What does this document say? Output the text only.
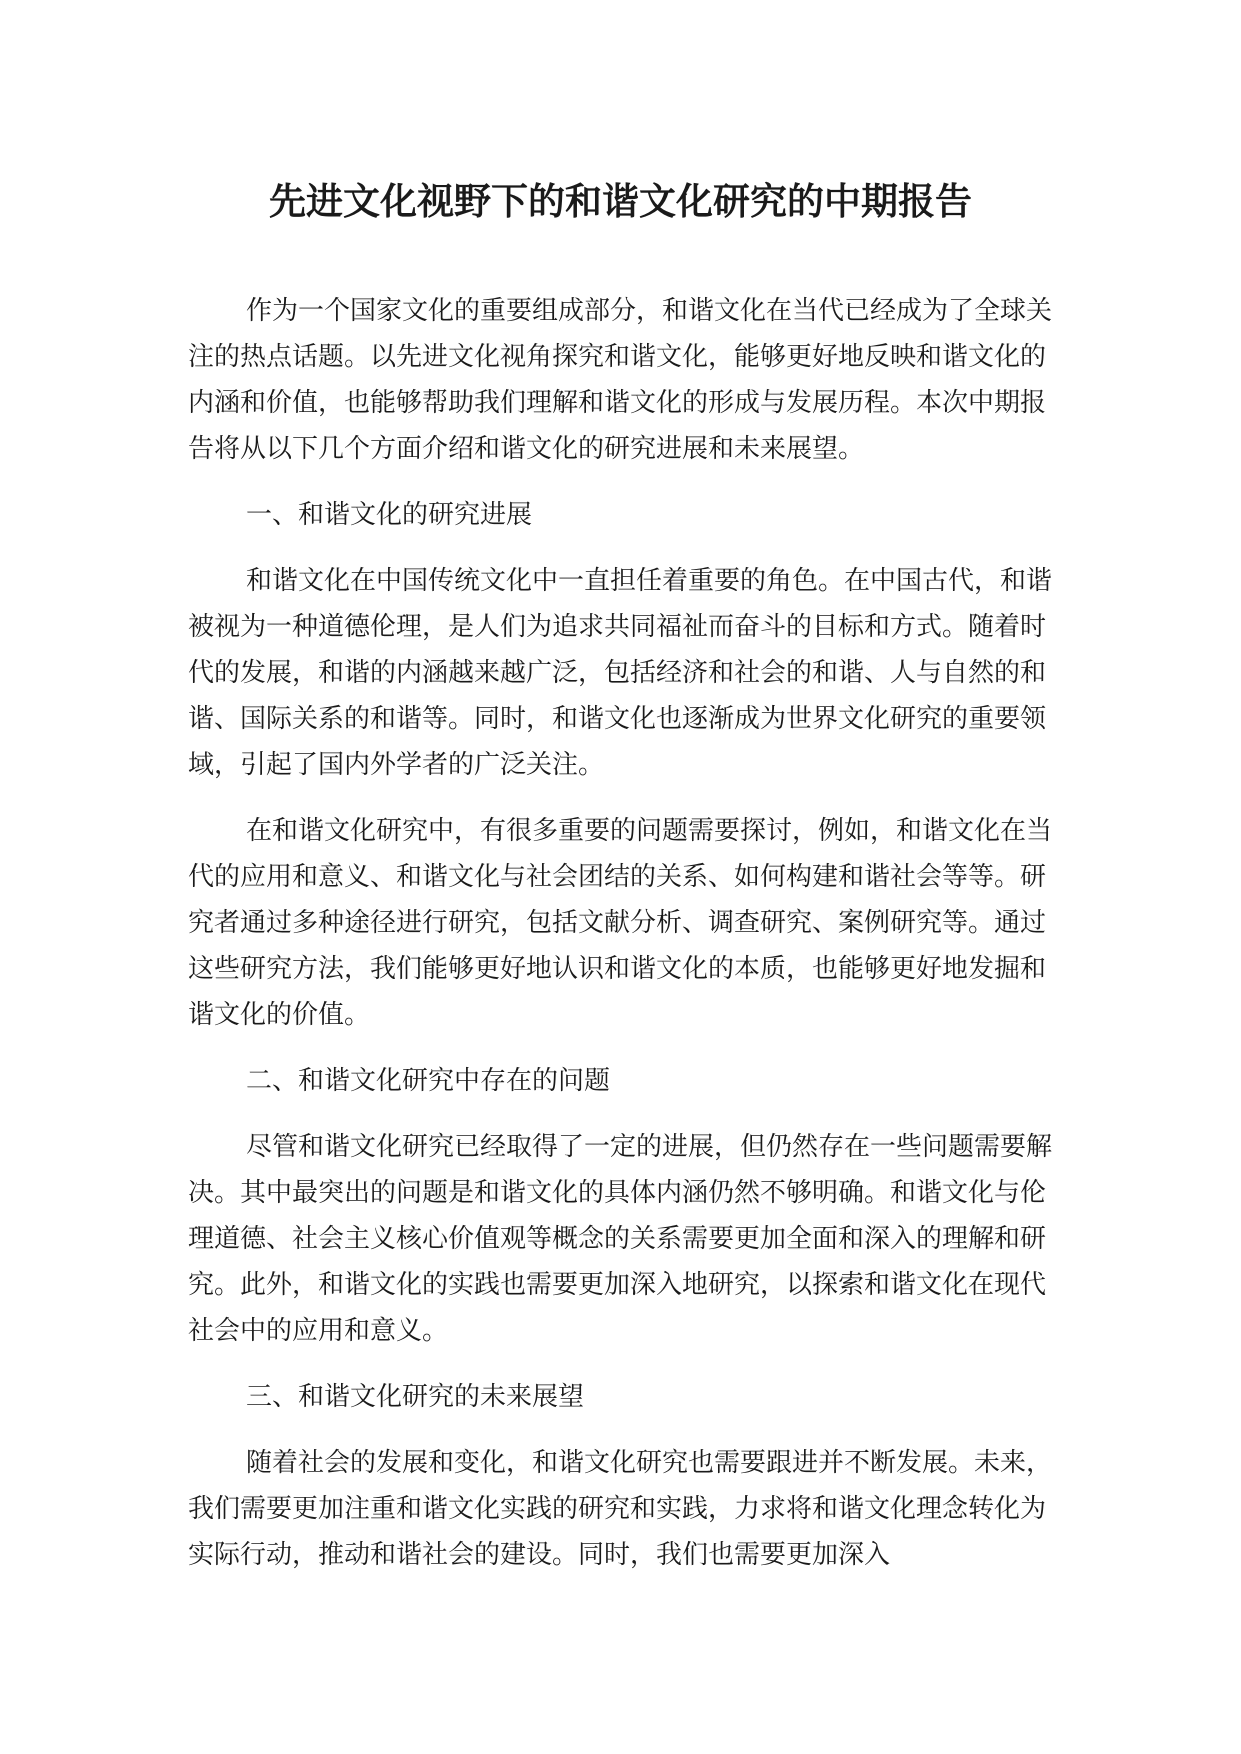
先进文化视野下的和谐文化研究的中期报告

作为一个国家文化的重要组成部分，和谐文化在当代已经成为了全球关注的热点话题。以先进文化视角探究和谐文化，能够更好地反映和谐文化的内涵和价值，也能够帮助我们理解和谐文化的形成与发展历程。本次中期报告将从以下几个方面介绍和谐文化的研究进展和未来展望。

一、和谐文化的研究进展

和谐文化在中国传统文化中一直担任着重要的角色。在中国古代，和谐被视为一种道德伦理，是人们为追求共同福祉而奋斗的目标和方式。随着时代的发展，和谐的内涵越来越广泛，包括经济和社会的和谐、人与自然的和谐、国际关系的和谐等。同时，和谐文化也逐渐成为世界文化研究的重要领域，引起了国内外学者的广泛关注。

在和谐文化研究中，有很多重要的问题需要探讨，例如，和谐文化在当代的应用和意义、和谐文化与社会团结的关系、如何构建和谐社会等等。研究者通过多种途径进行研究，包括文献分析、调查研究、案例研究等。通过这些研究方法，我们能够更好地认识和谐文化的本质，也能够更好地发掘和谐文化的价值。

二、和谐文化研究中存在的问题

尽管和谐文化研究已经取得了一定的进展，但仍然存在一些问题需要解决。其中最突出的问题是和谐文化的具体内涵仍然不够明确。和谐文化与伦理道德、社会主义核心价值观等概念的关系需要更加全面和深入的理解和研究。此外，和谐文化的实践也需要更加深入地研究，以探索和谐文化在现代社会中的应用和意义。

三、和谐文化研究的未来展望

随着社会的发展和变化，和谐文化研究也需要跟进并不断发展。未来，我们需要更加注重和谐文化实践的研究和实践，力求将和谐文化理念转化为实际行动，推动和谐社会的建设。同时，我们也需要更加深入
